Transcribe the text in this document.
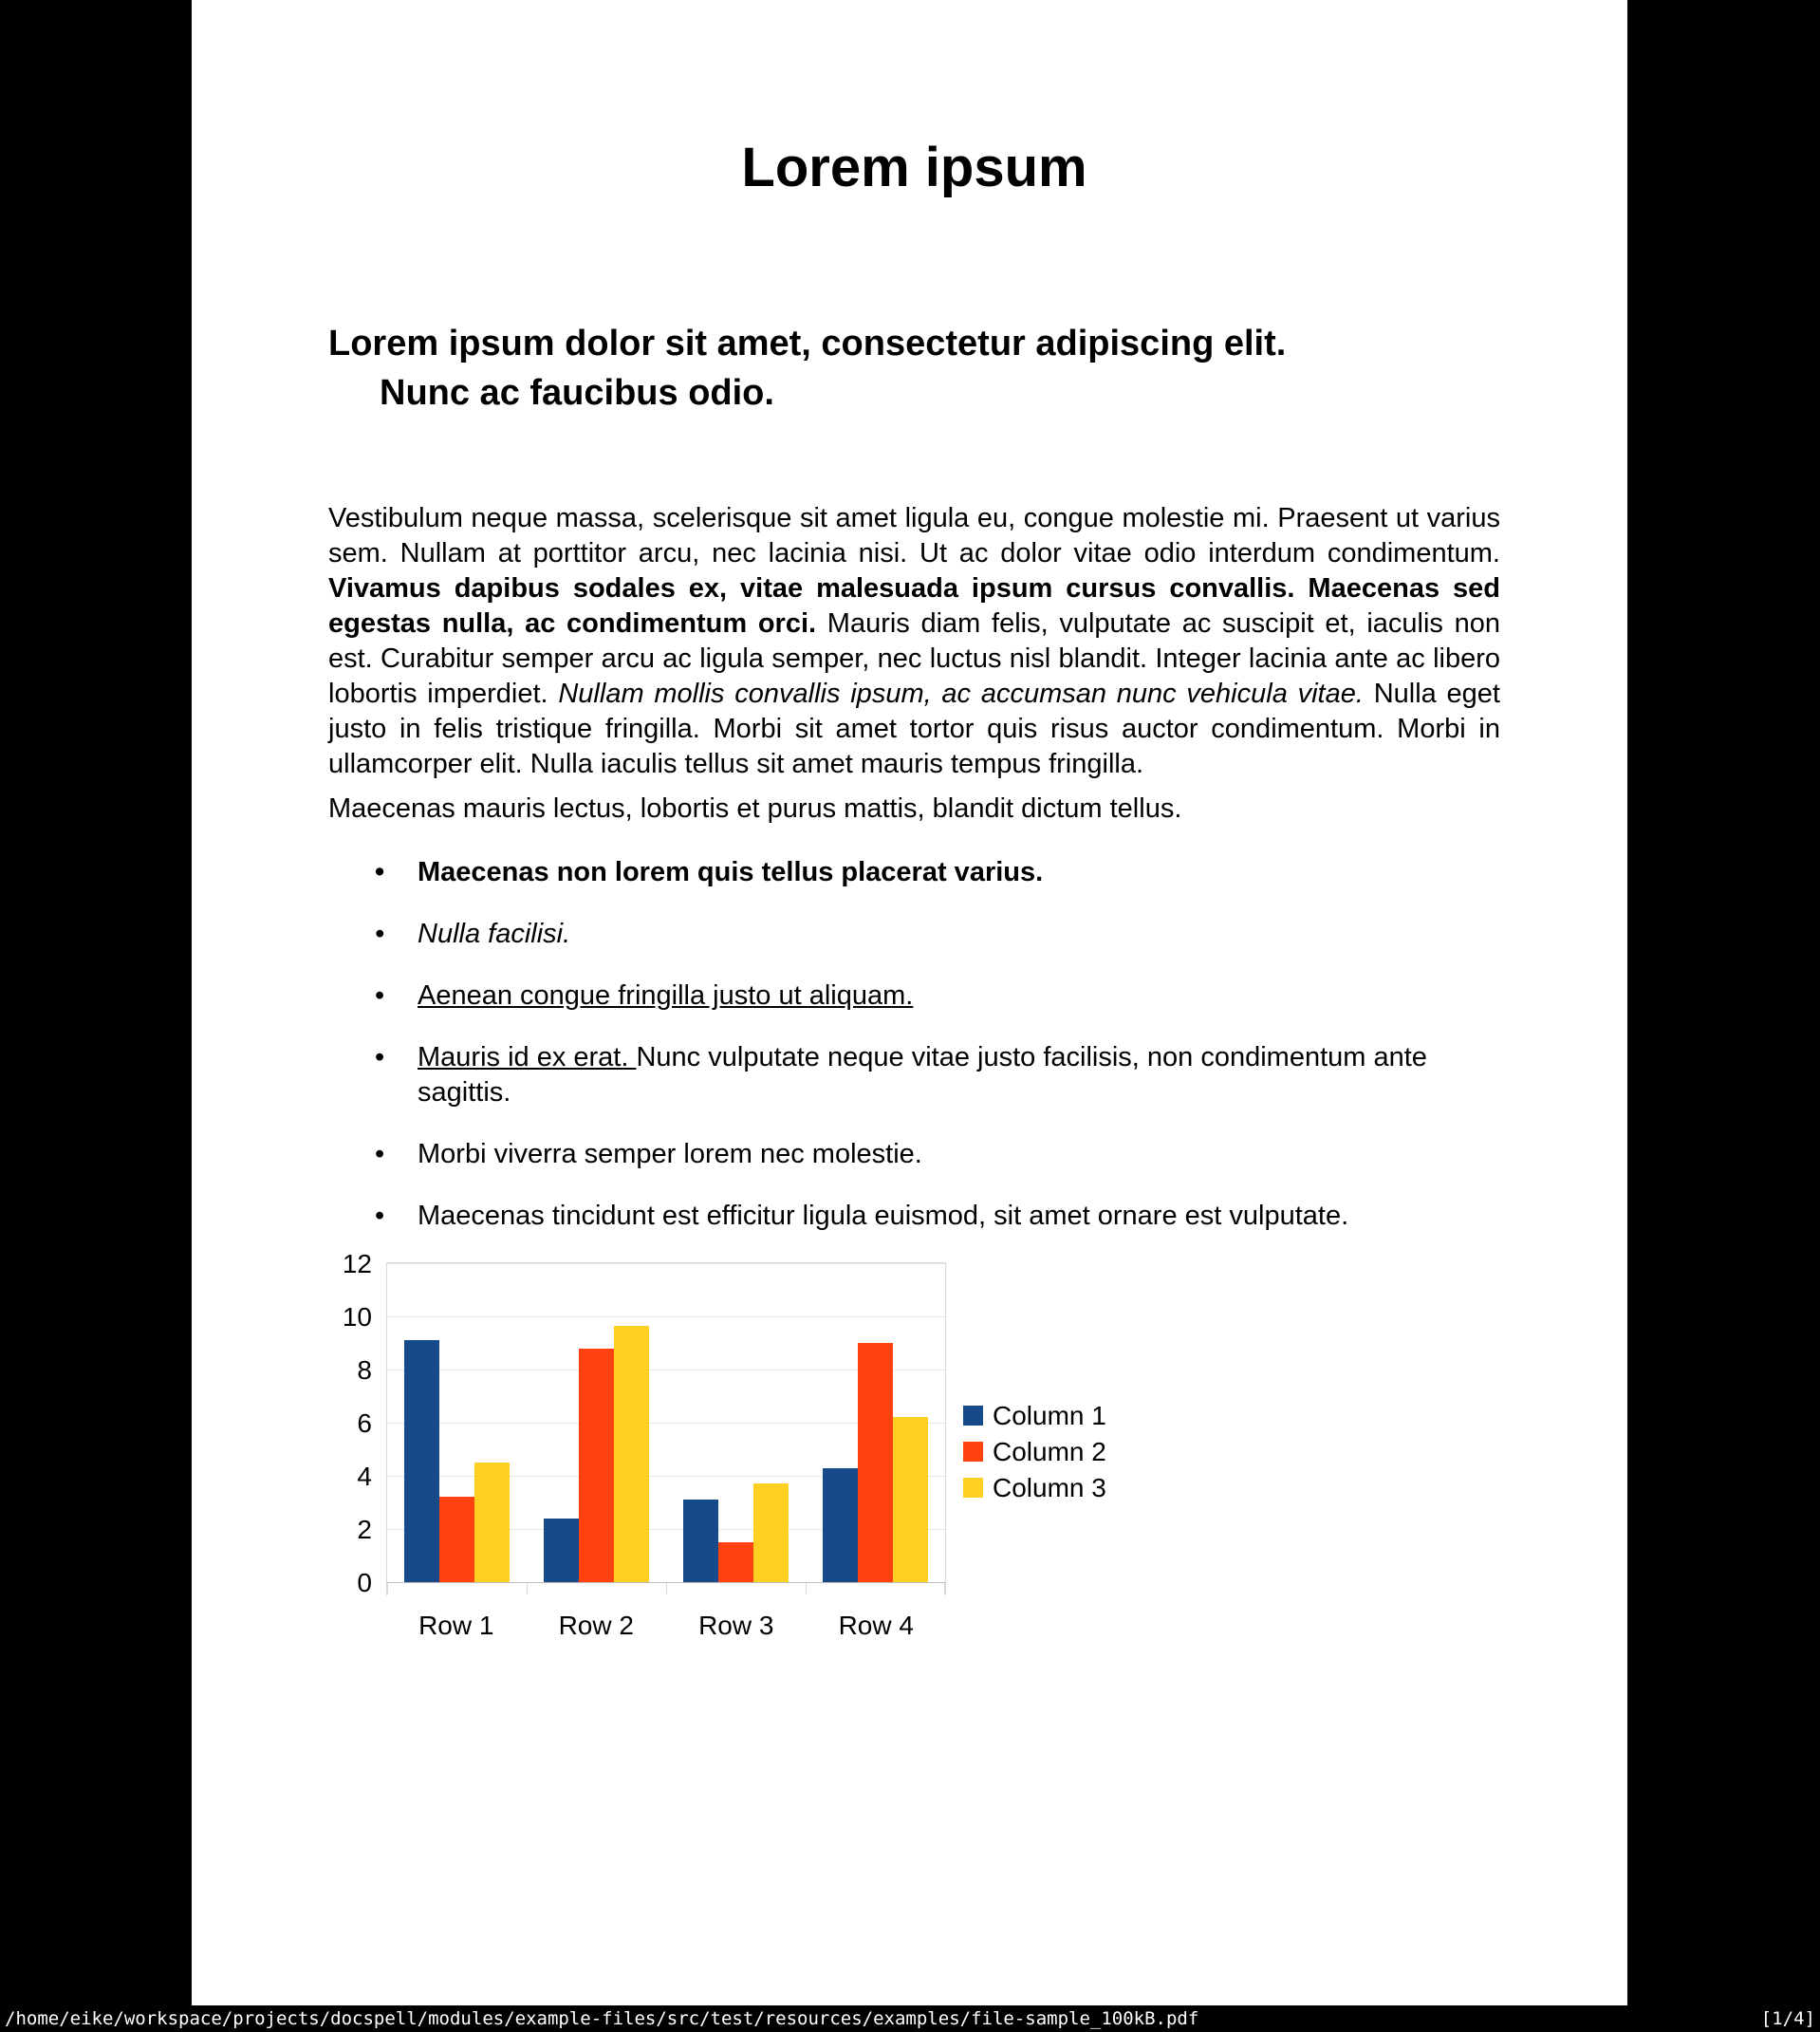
Lorem ipsum
Lorem ipsum dolor sit amet, consectetur adipiscing elit.
Nunc ac faucibus odio.
Vestibulum neque massa, scelerisque sit amet ligula eu, congue molestie mi. Praesent ut varius sem. Nullam at porttitor arcu, nec lacinia nisi. Ut ac dolor vitae odio interdum condimentum. Vivamus dapibus sodales ex, vitae malesuada ipsum cursus convallis. Maecenas sed egestas nulla, ac condimentum orci. Mauris diam felis, vulputate ac suscipit et, iaculis non est. Curabitur semper arcu ac ligula semper, nec luctus nisl blandit. Integer lacinia ante ac libero lobortis imperdiet. Nullam mollis convallis ipsum, ac accumsan nunc vehicula vitae. Nulla eget justo in felis tristique fringilla. Morbi sit amet tortor quis risus auctor condimentum. Morbi in ullamcorper elit. Nulla iaculis tellus sit amet mauris tempus fringilla.
Maecenas mauris lectus, lobortis et purus mattis, blandit dictum tellus.
• Maecenas non lorem quis tellus placerat varius.
• Nulla facilisi.
• Aenean congue fringilla justo ut aliquam.
• Mauris id ex erat. Nunc vulputate neque vitae justo facilisis, non condimentum ante sagittis.
• Morbi viverra semper lorem nec molestie.
• Maecenas tincidunt est efficitur ligula euismod, sit amet ornare est vulputate.
0
2
4
6
8
10
12
Row 1	Row 2	Row 3	Row 4
Column 1
Column 2
Column 3
/home/eike/workspace/projects/docspell/modules/example-files/src/test/resources/examples/file-sample_100kB.pdf	[1/4]
